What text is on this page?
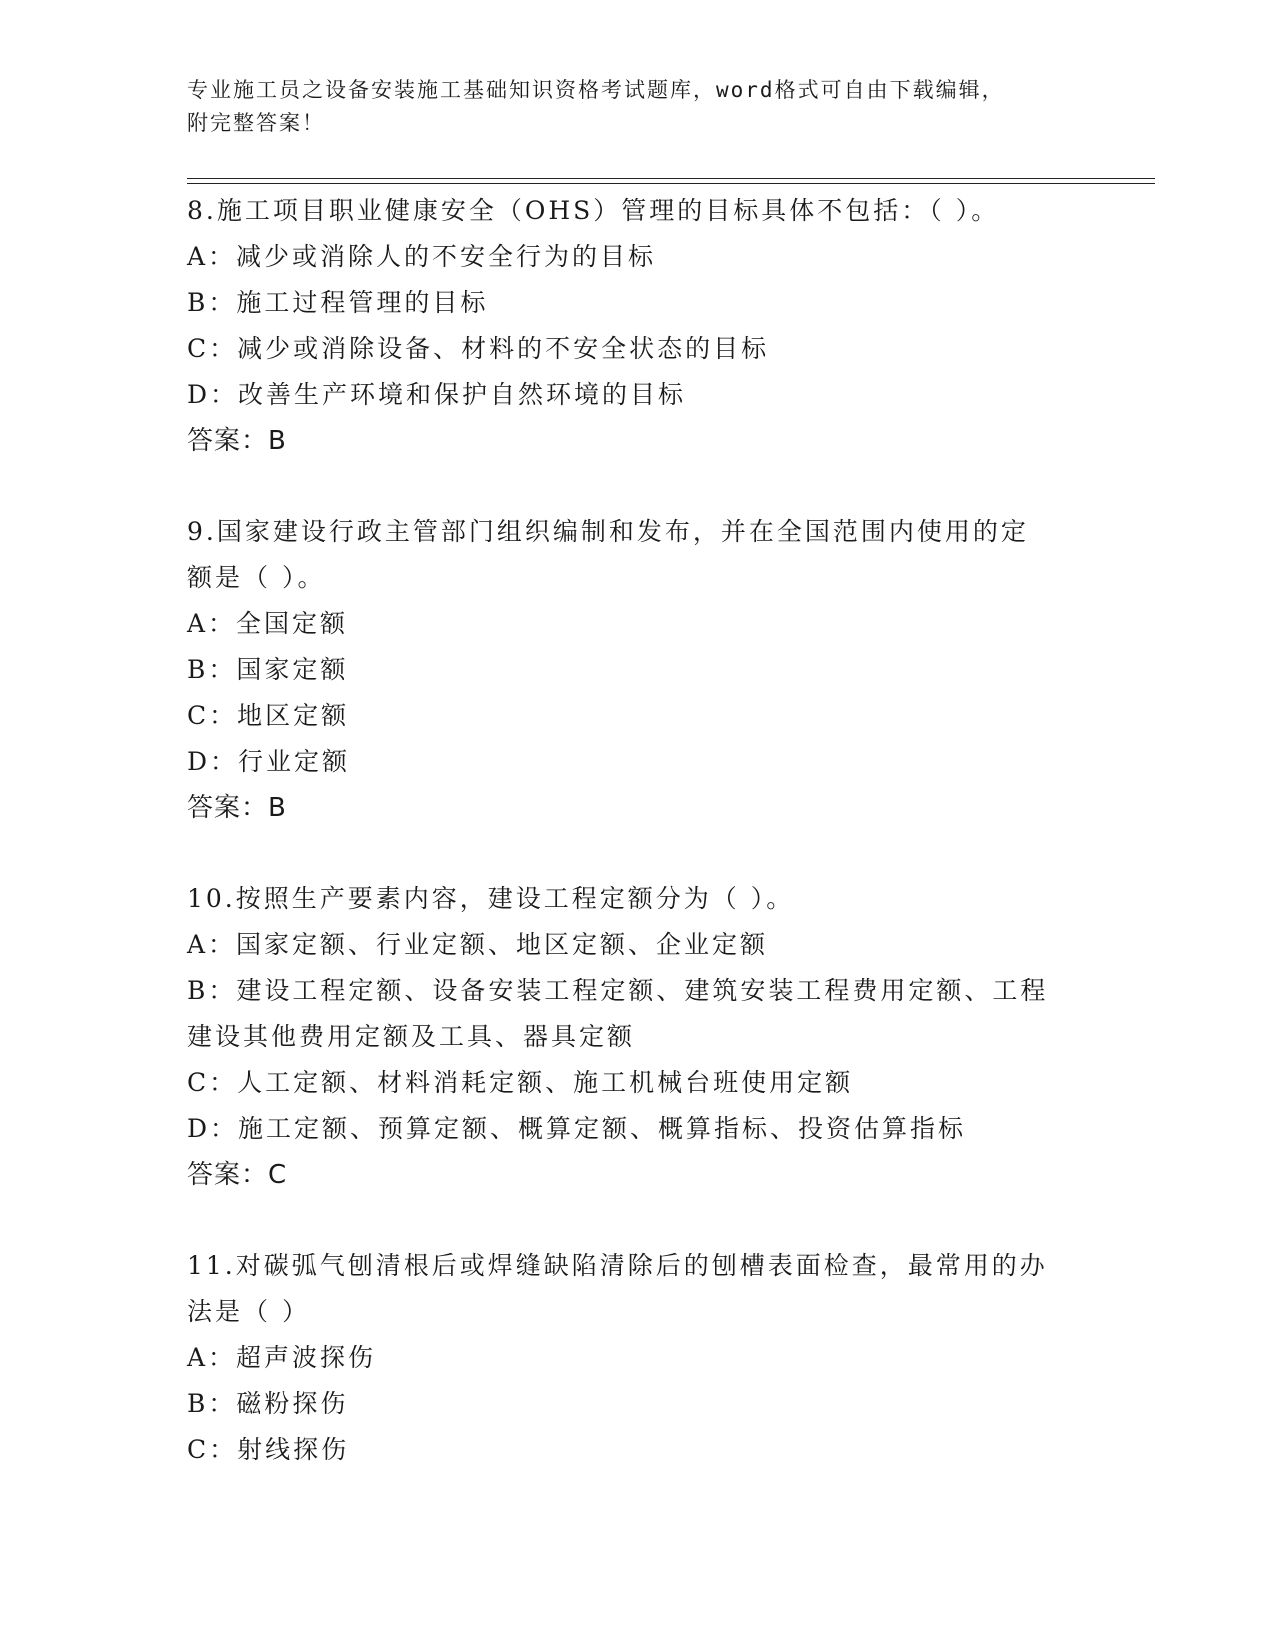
专业施工员之设备安装施工基础知识资格考试题库，word格式可自由下载编辑，
附完整答案！
8.施工项目职业健康安全（OHS）管理的目标具体不包括：（ ）。
A：减少或消除人的不安全行为的目标
B：施工过程管理的目标
C：减少或消除设备、材料的不安全状态的目标
D：改善生产环境和保护自然环境的目标
答案：B
9.国家建设行政主管部门组织编制和发布，并在全国范围内使用的定
额是（ ）。
A：全国定额
B：国家定额
C：地区定额
D：行业定额
答案：B
10.按照生产要素内容，建设工程定额分为（ ）。
A：国家定额、行业定额、地区定额、企业定额
B：建设工程定额、设备安装工程定额、建筑安装工程费用定额、工程
建设其他费用定额及工具、器具定额
C：人工定额、材料消耗定额、施工机械台班使用定额
D：施工定额、预算定额、概算定额、概算指标、投资估算指标
答案：C
11.对碳弧气刨清根后或焊缝缺陷清除后的刨槽表面检查，最常用的办
法是（ ）
A：超声波探伤
B：磁粉探伤
C：射线探伤
